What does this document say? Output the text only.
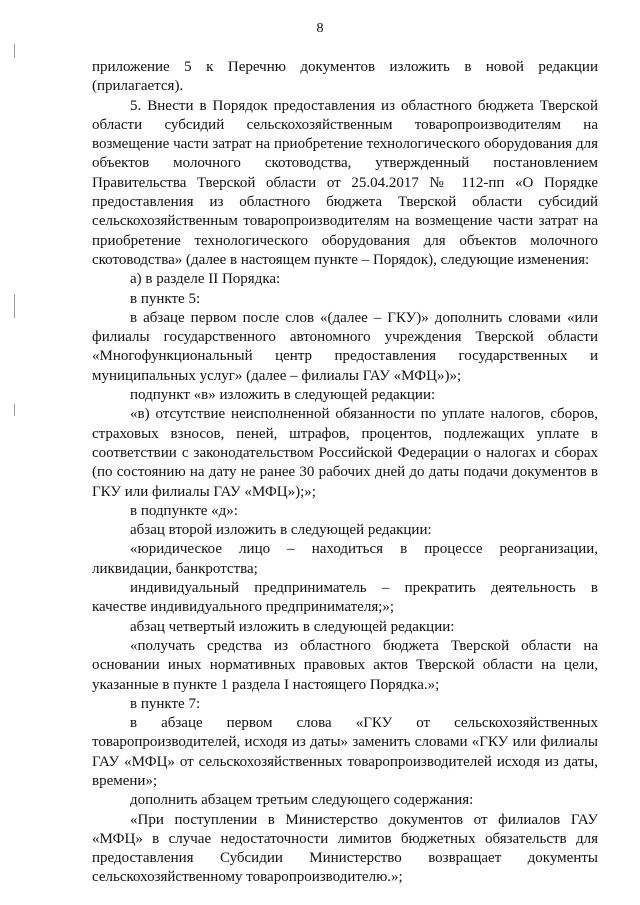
8

приложение 5 к Перечню документов изложить в новой редакции (прилагается).

5. Внести в Порядок предоставления из областного бюджета Тверской области субсидий сельскохозяйственным товаропроизводителям на возмещение части затрат на приобретение технологического оборудования для объектов молочного скотоводства, утвержденный постановлением Правительства Тверской области от 25.04.2017 № 112-пп «О Порядке предоставления из областного бюджета Тверской области субсидий сельскохозяйственным товаропроизводителям на возмещение части затрат на приобретение технологического оборудования для объектов молочного скотоводства» (далее в настоящем пункте – Порядок), следующие изменения:

а) в разделе II Порядка:

в пункте 5:

в абзаце первом после слов «(далее – ГКУ)» дополнить словами «или филиалы государственного автономного учреждения Тверской области «Многофункциональный центр предоставления государственных и муниципальных услуг» (далее – филиалы ГАУ «МФЦ»)»;

подпункт «в» изложить в следующей редакции:

«в) отсутствие неисполненной обязанности по уплате налогов, сборов, страховых взносов, пеней, штрафов, процентов, подлежащих уплате в соответствии с законодательством Российской Федерации о налогах и сборах (по состоянию на дату не ранее 30 рабочих дней до даты подачи документов в ГКУ или филиалы ГАУ «МФЦ»);»;

в подпункте «д»:

абзац второй изложить в следующей редакции:

«юридическое лицо – находиться в процессе реорганизации, ликвидации, банкротства;

индивидуальный предприниматель – прекратить деятельность в качестве индивидуального предпринимателя;»;

абзац четвертый изложить в следующей редакции:

«получать средства из областного бюджета Тверской области на основании иных нормативных правовых актов Тверской области на цели, указанные в пункте 1 раздела I настоящего Порядка.»;

в пункте 7:

в абзаце первом слова «ГКУ от сельскохозяйственных товаропроизводителей, исходя из даты» заменить словами «ГКУ или филиалы ГАУ «МФЦ» от сельскохозяйственных товаропроизводителей исходя из даты, времени»;

дополнить абзацем третьим следующего содержания:

«При поступлении в Министерство документов от филиалов ГАУ «МФЦ» в случае недостаточности лимитов бюджетных обязательств для предоставления Субсидии Министерство возвращает документы сельскохозяйственному товаропроизводителю.»;
